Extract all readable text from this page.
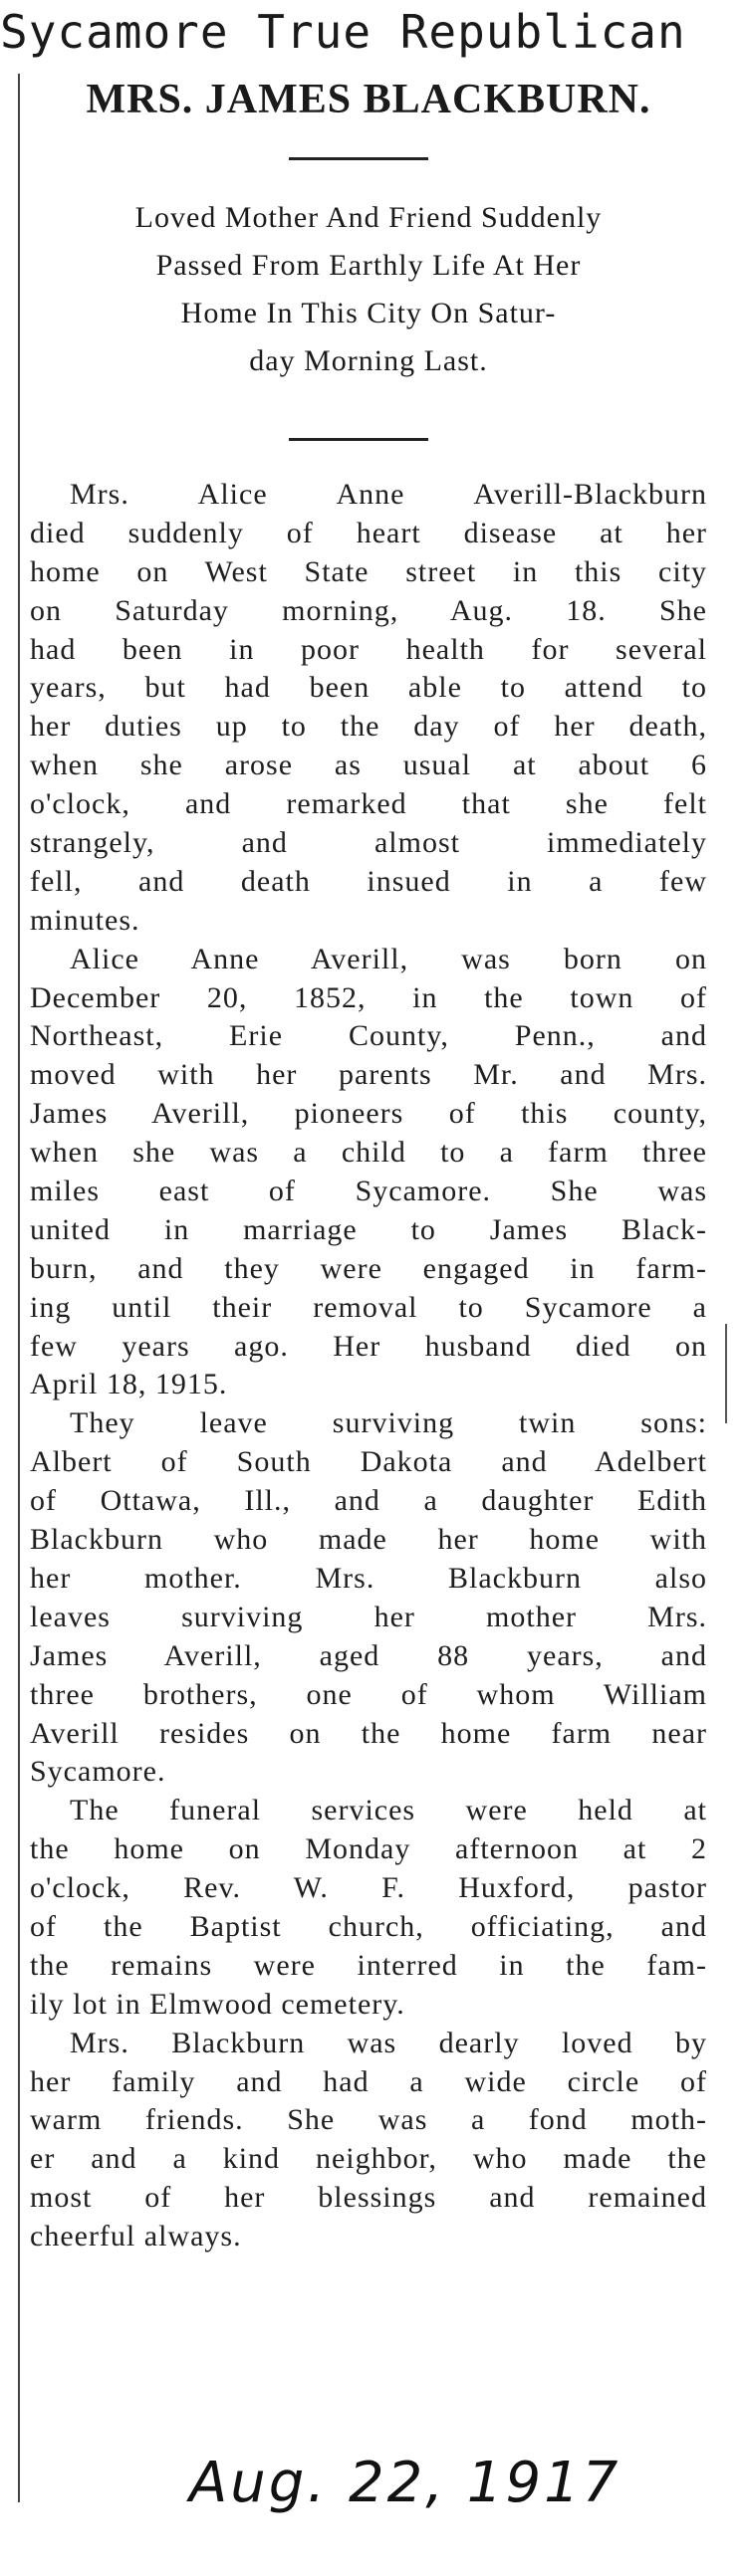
Sycamore True Republican
MRS. JAMES BLACKBURN.
Loved Mother And Friend Suddenly
Passed From Earthly Life At Her
Home In This City On Satur-
day Morning Last.
Mrs. Alice Anne Averill-Blackburn
died suddenly of heart disease at her
home on West State street in this city
on Saturday morning, Aug. 18. She
had been in poor health for several
years, but had been able to attend to
her duties up to the day of her death,
when she arose as usual at about 6
o'clock, and remarked that she felt
strangely, and almost immediately
fell, and death insued in a few
minutes.
Alice Anne Averill, was born on
December 20, 1852, in the town of
Northeast, Erie County, Penn., and
moved with her parents Mr. and Mrs.
James Averill, pioneers of this county,
when she was a child to a farm three
miles east of Sycamore. She was
united in marriage to James Black-
burn, and they were engaged in farm-
ing until their removal to Sycamore a
few years ago. Her husband died on
April 18, 1915.
They leave surviving twin sons:
Albert of South Dakota and Adelbert
of Ottawa, Ill., and a daughter Edith
Blackburn who made her home with
her mother. Mrs. Blackburn also
leaves surviving her mother Mrs.
James Averill, aged 88 years, and
three brothers, one of whom William
Averill resides on the home farm near
Sycamore.
The funeral services were held at
the home on Monday afternoon at 2
o'clock, Rev. W. F. Huxford, pastor
of the Baptist church, officiating, and
the remains were interred in the fam-
ily lot in Elmwood cemetery.
Mrs. Blackburn was dearly loved by
her family and had a wide circle of
warm friends. She was a fond moth-
er and a kind neighbor, who made the
most of her blessings and remained
cheerful always.
Aug. 22, 1917
